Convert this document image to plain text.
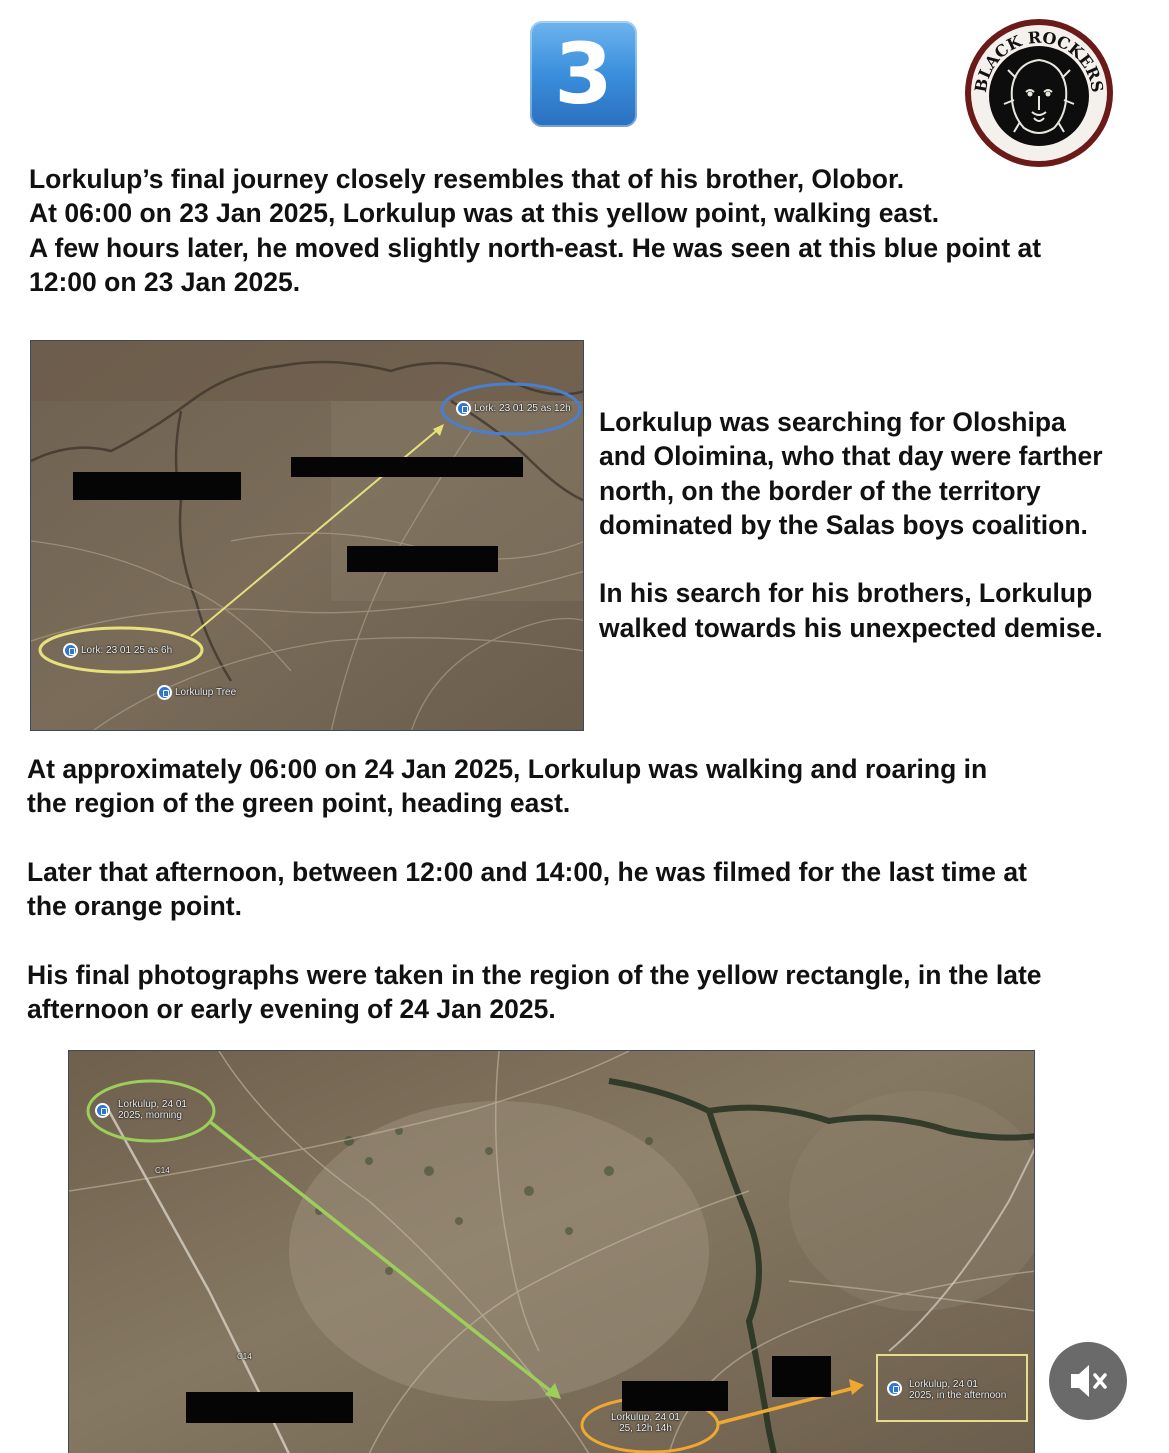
3	BLACK ROCKERS

Lorkulup’s final journey closely resembles that of his brother, Olobor.

At 06:00 on 23 Jan 2025, Lorkulup was at this yellow point, walking east.

A few hours later, he moved slightly north-east. He was seen at this blue point at

12:00 on 23 Jan 2025.

Lork: 23 01 25 as 12h
Lork: 23 01 25 as 6h
Lorkulup Tree

Lorkulup was searching for Oloshipa

and Oloimina, who that day were farther

north, on the border of the territory

dominated by the Salas boys coalition.

In his search for his brothers, Lorkulup

walked towards his unexpected demise.

At approximately 06:00 on 24 Jan 2025, Lorkulup was walking and roaring in

the region of the green point, heading east.

Later that afternoon, between 12:00 and 14:00, he was filmed for the last time at

the orange point.

His final photographs were taken in the region of the yellow rectangle, in the late

afternoon or early evening of 24 Jan 2025.

Lorkulup, 24 01
2025, morning
Lorkulup, 24 01
25, 12h 14h
Lorkulup, 24 01
2025, in the afternoon
C14
C14
